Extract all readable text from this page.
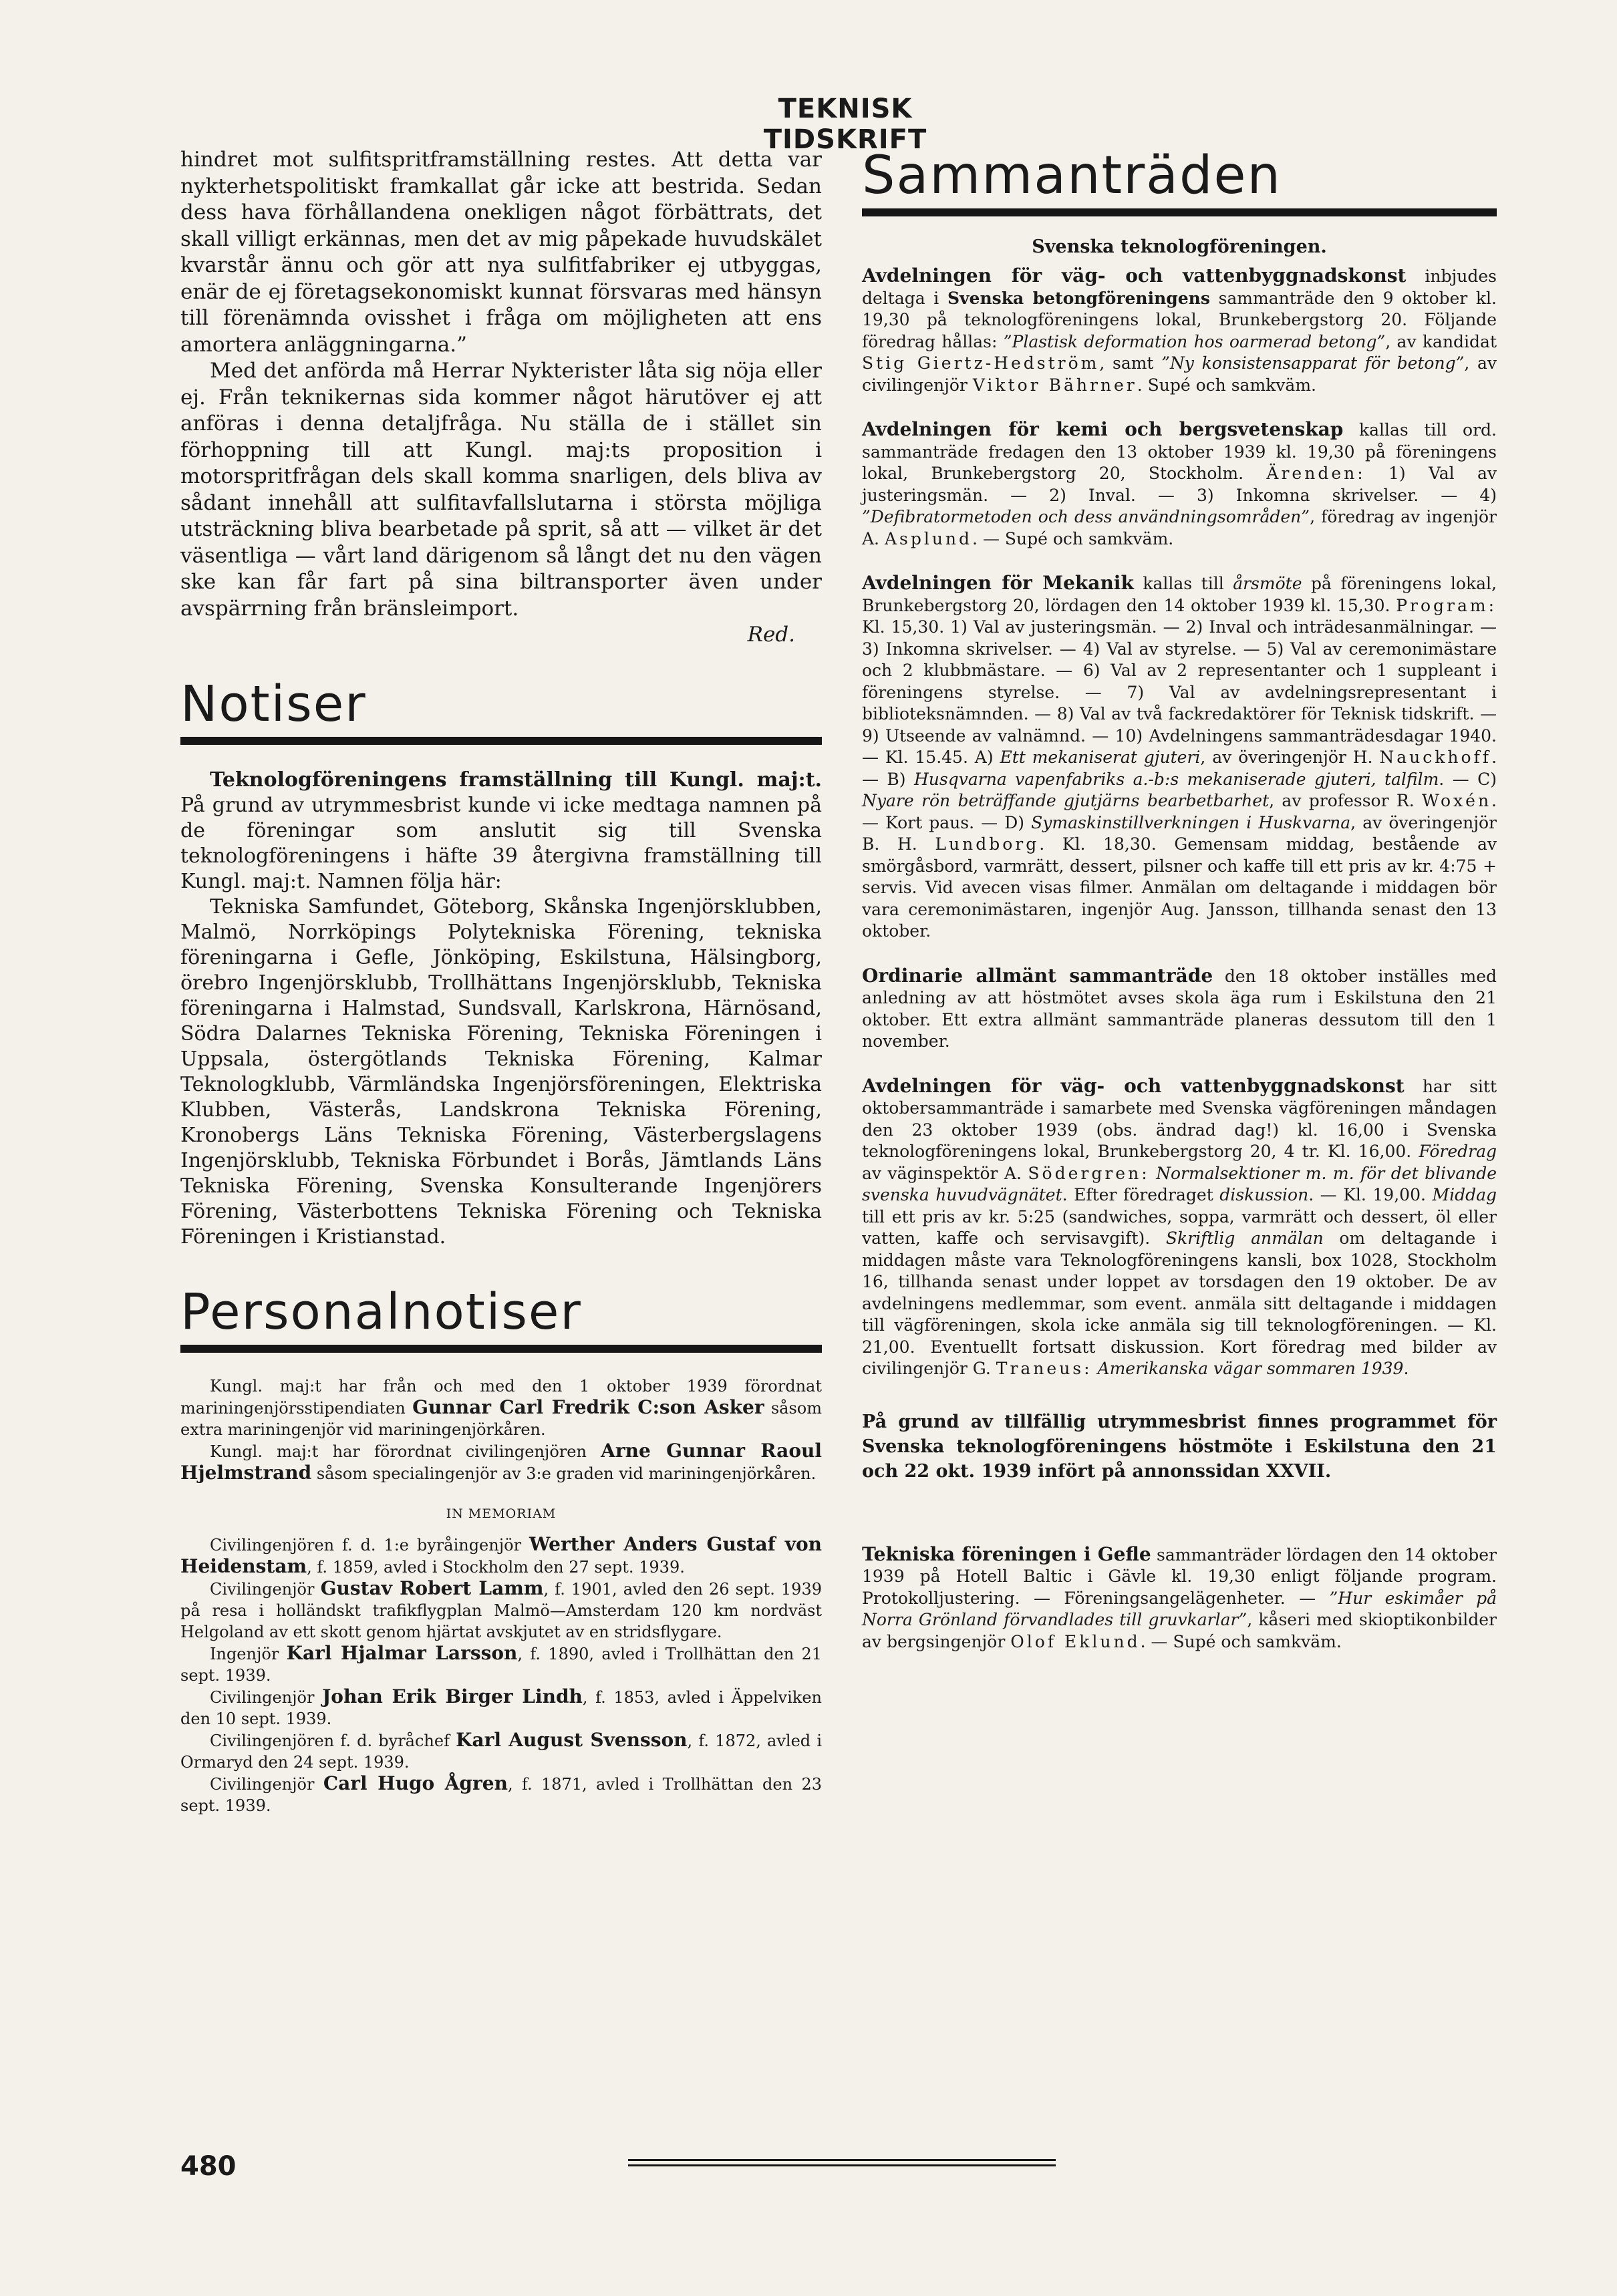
TEKNISK TIDSKRIFT

hindret mot sulfitspritframställning restes. Att detta var nykterhetspolitiskt framkallat går icke att bestrida. Sedan dess hava förhållandena onekligen något förbättrats, det skall villigt erkännas, men det av mig påpekade huvudskälet kvarstår ännu och gör att nya sulfitfabriker ej utbyggas, enär de ej företagsekonomiskt kunnat försvaras med hänsyn till förenämnda ovisshet i fråga om möjligheten att ens amortera anläggningarna.”

Med det anförda må Herrar Nykterister låta sig nöja eller ej. Från teknikernas sida kommer något härutöver ej att anföras i denna detaljfråga. Nu ställa de i stället sin förhoppning till att Kungl. maj:ts proposition i motorspritfrågan dels skall komma snarligen, dels bliva av sådant innehåll att sulfitavfallslutarna i största möjliga utsträckning bliva bearbetade på sprit, så att — vilket är det väsentliga — vårt land därigenom så långt det nu den vägen ske kan får fart på sina biltransporter även under avspärrning från bränsleimport.

Red.
Notiser

Teknologföreningens framställning till Kungl. maj:t. På grund av utrymmesbrist kunde vi icke medtaga namnen på de föreningar som anslutit sig till Svenska teknologföreningens i häfte 39 återgivna framställning till Kungl. maj:t. Namnen följa här:

Tekniska Samfundet, Göteborg, Skånska Ingenjörsklubben, Malmö, Norrköpings Polytekniska Förening, tekniska föreningarna i Gefle, Jönköping, Eskilstuna, Hälsingborg, örebro Ingenjörsklubb, Trollhättans Ingenjörsklubb, Tekniska föreningarna i Halmstad, Sundsvall, Karlskrona, Härnösand, Södra Dalarnes Tekniska Förening, Tekniska Föreningen i Uppsala, östergötlands Tekniska Förening, Kalmar Teknologklubb, Värmländska Ingenjörsföreningen, Elektriska Klubben, Västerås, Landskrona Tekniska Förening, Kronobergs Läns Tekniska Förening, Västerbergslagens Ingenjörsklubb, Tekniska Förbundet i Borås, Jämtlands Läns Tekniska Förening, Svenska Konsulterande Ingenjörers Förening, Västerbottens Tekniska Förening och Tekniska Föreningen i Kristianstad.

Personalnotiser

Kungl. maj:t har från och med den 1 oktober 1939 förordnat mariningenjörsstipendiaten Gunnar Carl Fredrik C:son Asker såsom extra mariningenjör vid mariningenjörkåren.

Kungl. maj:t har förordnat civilingenjören Arne Gunnar Raoul Hjelmstrand såsom specialingenjör av 3:e graden vid mariningenjörkåren.

IN MEMORIAM

Civilingenjören f. d. 1:e byråingenjör Werther Anders Gustaf von Heidenstam, f. 1859, avled i Stockholm den 27 sept. 1939.

Civilingenjör Gustav Robert Lamm, f. 1901, avled den 26 sept. 1939 på resa i holländskt trafikflygplan Malmö—Amsterdam 120 km nordväst Helgoland av ett skott genom hjärtat avskjutet av en stridsflygare.

Ingenjör Karl Hjalmar Larsson, f. 1890, avled i Trollhättan den 21 sept. 1939.

Civilingenjör Johan Erik Birger Lindh, f. 1853, avled i Äppelviken den 10 sept. 1939.

Civilingenjören f. d. byråchef Karl August Svensson, f. 1872, avled i Ormaryd den 24 sept. 1939.

Civilingenjör Carl Hugo Ågren, f. 1871, avled i Trollhättan den 23 sept. 1939.

Sammanträden
Svenska teknologföreningen.

Avdelningen för väg- och vattenbyggnadskonst inbjudes deltaga i Svenska betongföreningens sammanträde den 9 oktober kl. 19,30 på teknologföreningens lokal, Brunkebergstorg 20. Följande föredrag hållas: ”Plastisk deformation hos oarmerad betong”, av kandidat Stig Giertz-Hedström, samt ”Ny konsistensapparat för betong”, av civilingenjör Viktor Bährner. Supé och samkväm.

Avdelningen för kemi och bergsvetenskap kallas till ord. sammanträde fredagen den 13 oktober 1939 kl. 19,30 på föreningens lokal, Brunkebergstorg 20, Stockholm. Ärenden: 1) Val av justeringsmän. — 2) Inval. — 3) Inkomna skrivelser. — 4) ”Defibratormetoden och dess användningsområden”, föredrag av ingenjör A. Asplund. — Supé och samkväm.

Avdelningen för Mekanik kallas till årsmöte på föreningens lokal, Brunkebergstorg 20, lördagen den 14 oktober 1939 kl. 15,30. Program: Kl. 15,30. 1) Val av justeringsmän. — 2) Inval och inträdesanmälningar. — 3) Inkomna skrivelser. — 4) Val av styrelse. — 5) Val av ceremonimästare och 2 klubbmästare. — 6) Val av 2 representanter och 1 suppleant i föreningens styrelse. — 7) Val av avdelningsrepresentant i biblioteksnämnden. — 8) Val av två fackredaktörer för Teknisk tidskrift. — 9) Utseende av valnämnd. — 10) Avdelningens sammanträdesdagar 1940. — Kl. 15.45. A) Ett mekaniserat gjuteri, av överingenjör H. Nauckhoff. — B) Husqvarna vapenfabriks a.-b:s mekaniserade gjuteri, talfilm. — C) Nyare rön beträffande gjutjärns bearbetbarhet, av professor R. Woxén. — Kort paus. — D) Symaskinstillverkningen i Huskvarna, av överingenjör B. H. Lundborg. Kl. 18,30. Gemensam middag, bestående av smörgåsbord, varmrätt, dessert, pilsner och kaffe till ett pris av kr. 4:75 + servis. Vid avecen visas filmer. Anmälan om deltagande i middagen bör vara ceremonimästaren, ingenjör Aug. Jansson, tillhanda senast den 13 oktober.

Ordinarie allmänt sammanträde den 18 oktober inställes med anledning av att höstmötet avses skola äga rum i Eskilstuna den 21 oktober. Ett extra allmänt sammanträde planeras dessutom till den 1 november.

Avdelningen för väg- och vattenbyggnadskonst har sitt oktobersammanträde i samarbete med Svenska vägföreningen måndagen den 23 oktober 1939 (obs. ändrad dag!) kl. 16,00 i Svenska teknologföreningens lokal, Brunkebergstorg 20, 4 tr. Kl. 16,00. Föredrag av väginspektör A. Södergren: Normalsektioner m. m. för det blivande svenska huvudvägnätet. Efter föredraget diskussion. — Kl. 19,00. Middag till ett pris av kr. 5:25 (sandwiches, soppa, varmrätt och dessert, öl eller vatten, kaffe och servisavgift). Skriftlig anmälan om deltagande i middagen måste vara Teknologföreningens kansli, box 1028, Stockholm 16, tillhanda senast under loppet av torsdagen den 19 oktober. De av avdelningens medlemmar, som event. anmäla sitt deltagande i middagen till vägföreningen, skola icke anmäla sig till teknologföreningen. — Kl. 21,00. Eventuellt fortsatt diskussion. Kort föredrag med bilder av civilingenjör G. Traneus: Amerikanska vägar sommaren 1939.

På grund av tillfällig utrymmesbrist finnes programmet för Svenska teknologföreningens höstmöte i Eskilstuna den 21 och 22 okt. 1939 infört på annonssidan XXVII.

Tekniska föreningen i Gefle sammanträder lördagen den 14 oktober 1939 på Hotell Baltic i Gävle kl. 19,30 enligt följande program. Protokolljustering. — Föreningsangelägenheter. — ”Hur eskimåer på Norra Grönland förvandlades till gruvkarlar”, kåseri med skioptikonbilder av bergsingenjör Olof Eklund. — Supé och samkväm.

480
